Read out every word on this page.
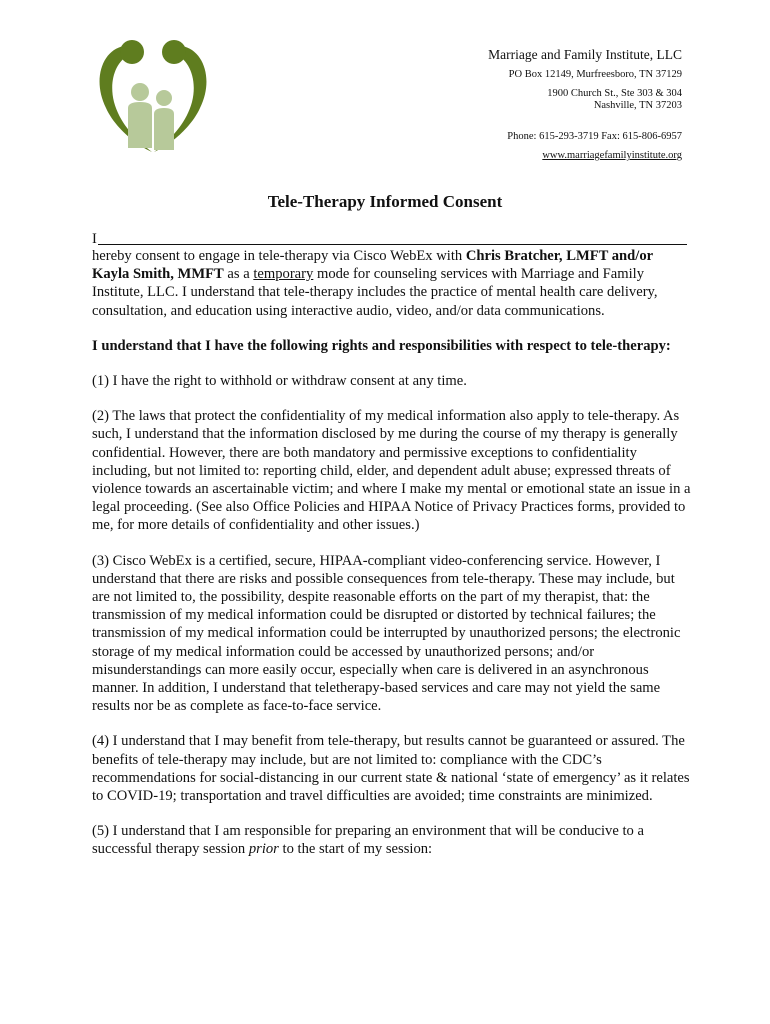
Marriage and Family Institute, LLC
PO Box 12149, Murfreesboro, TN 37129
1900 Church St., Ste 303 & 304
Nashville, TN 37203
Phone: 615-293-3719 Fax: 615-806-6957
www.marriagefamilyinstitute.org
Tele-Therapy Informed Consent
I

hereby consent to engage in tele-therapy via Cisco WebEx with Chris Bratcher, LMFT and/or Kayla Smith, MMFT as a temporary mode for counseling services with Marriage and Family Institute, LLC. I understand that tele-therapy includes the practice of mental health care delivery, consultation, and education using interactive audio, video, and/or data communications.

I understand that I have the following rights and responsibilities with respect to tele-therapy:

(1) I have the right to withhold or withdraw consent at any time.

(2) The laws that protect the confidentiality of my medical information also apply to tele-therapy. As such, I understand that the information disclosed by me during the course of my therapy is generally confidential. However, there are both mandatory and permissive exceptions to confidentiality including, but not limited to: reporting child, elder, and dependent adult abuse; expressed threats of violence towards an ascertainable victim; and where I make my mental or emotional state an issue in a legal proceeding. (See also Office Policies and HIPAA Notice of Privacy Practices forms, provided to me, for more details of confidentiality and other issues.)

(3) Cisco WebEx is a certified, secure, HIPAA-compliant video-conferencing service. However, I understand that there are risks and possible consequences from tele-therapy. These may include, but are not limited to, the possibility, despite reasonable efforts on the part of my therapist, that: the transmission of my medical information could be disrupted or distorted by technical failures; the transmission of my medical information could be interrupted by unauthorized persons; the electronic storage of my medical information could be accessed by unauthorized persons; and/or misunderstandings can more easily occur, especially when care is delivered in an asynchronous manner. In addition, I understand that teletherapy-based services and care may not yield the same results nor be as complete as face-to-face service.

(4) I understand that I may benefit from tele-therapy, but results cannot be guaranteed or assured. The benefits of tele-therapy may include, but are not limited to: compliance with the CDC’s recommendations for social-distancing in our current state & national ‘state of emergency’ as it relates to COVID-19; transportation and travel difficulties are avoided; time constraints are minimized.

(5) I understand that I am responsible for preparing an environment that will be conducive to a successful therapy session prior to the start of my session:
